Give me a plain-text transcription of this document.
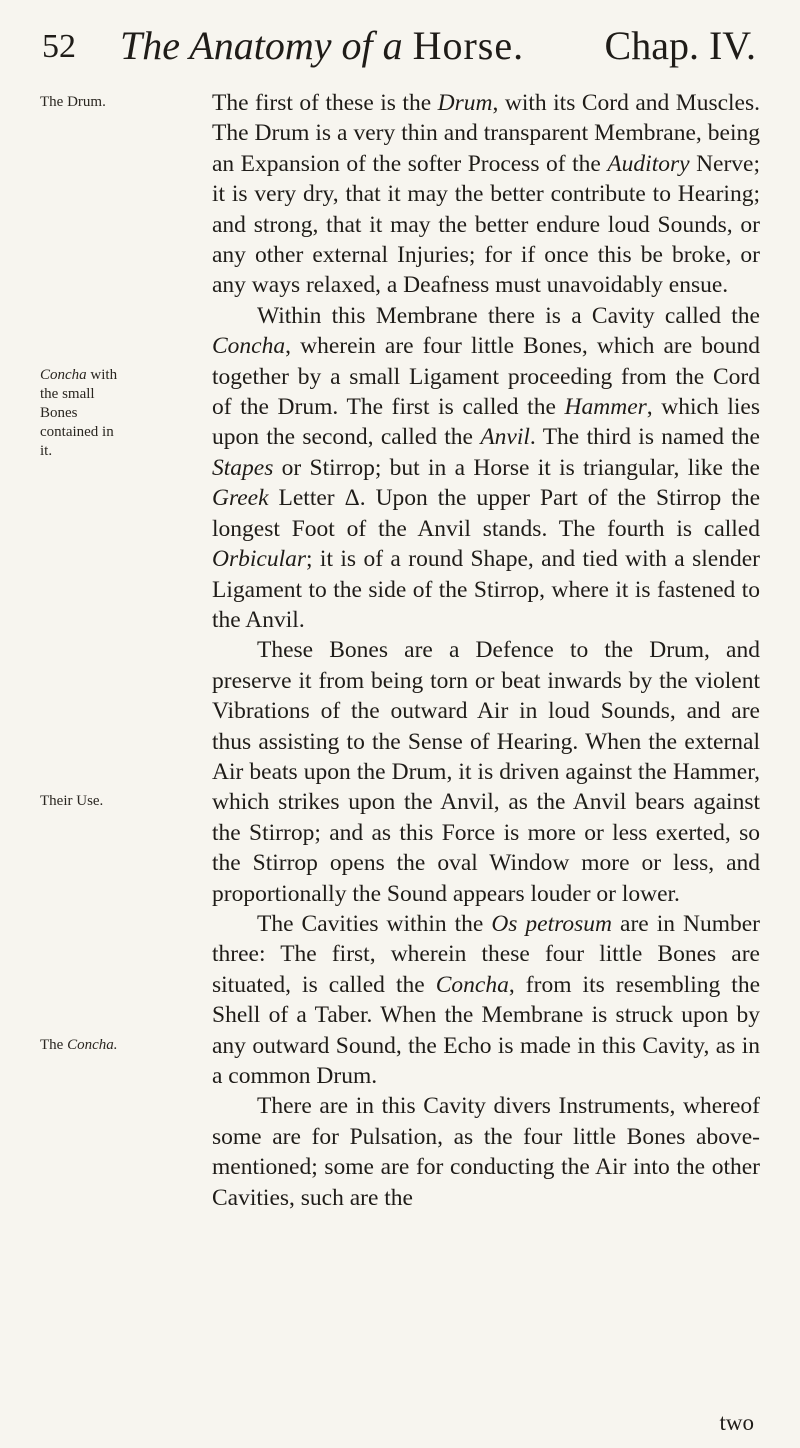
52 The Anatomy of a Horse. Chap. IV.
The Drum.
Concha with the small Bones contained in it.
Their Use.
The Concha.

The first of these is the Drum, with its Cord and Muscles. The Drum is a very thin and transparent Membrane, being an Expansion of the softer Process of the Auditory Nerve; it is very dry, that it may the better contribute to Hearing; and strong, that it may the better endure loud Sounds, or any other external Injuries; for if once this be broke, or any ways relaxed, a Deafness must unavoidably ensue.

Within this Membrane there is a Cavity called the Concha, wherein are four little Bones, which are bound together by a small Ligament proceeding from the Cord of the Drum. The first is called the Hammer, which lies upon the second, called the Anvil. The third is named the Stapes or Stirrop; but in a Horse it is triangular, like the Greek Letter Δ. Upon the upper Part of the Stirrop the longest Foot of the Anvil stands. The fourth is called Orbicular; it is of a round Shape, and tied with a slender Ligament to the side of the Stirrop, where it is fastened to the Anvil.

These Bones are a Defence to the Drum, and preserve it from being torn or beat inwards by the violent Vibrations of the outward Air in loud Sounds, and are thus assisting to the Sense of Hearing. When the external Air beats upon the Drum, it is driven against the Hammer, which strikes upon the Anvil, as the Anvil bears against the Stirrop; and as this Force is more or less exerted, so the Stirrop opens the oval Window more or less, and proportionally the Sound appears louder or lower.

The Cavities within the Os petrosum are in Number three: The first, wherein these four little Bones are situated, is called the Concha, from its resembling the Shell of a Taber. When the Membrane is struck upon by any outward Sound, the Echo is made in this Cavity, as in a common Drum.

There are in this Cavity divers Instruments, whereof some are for Pulsation, as the four little Bones above-mentioned; some are for conducting the Air into the other Cavities, such are the

two
